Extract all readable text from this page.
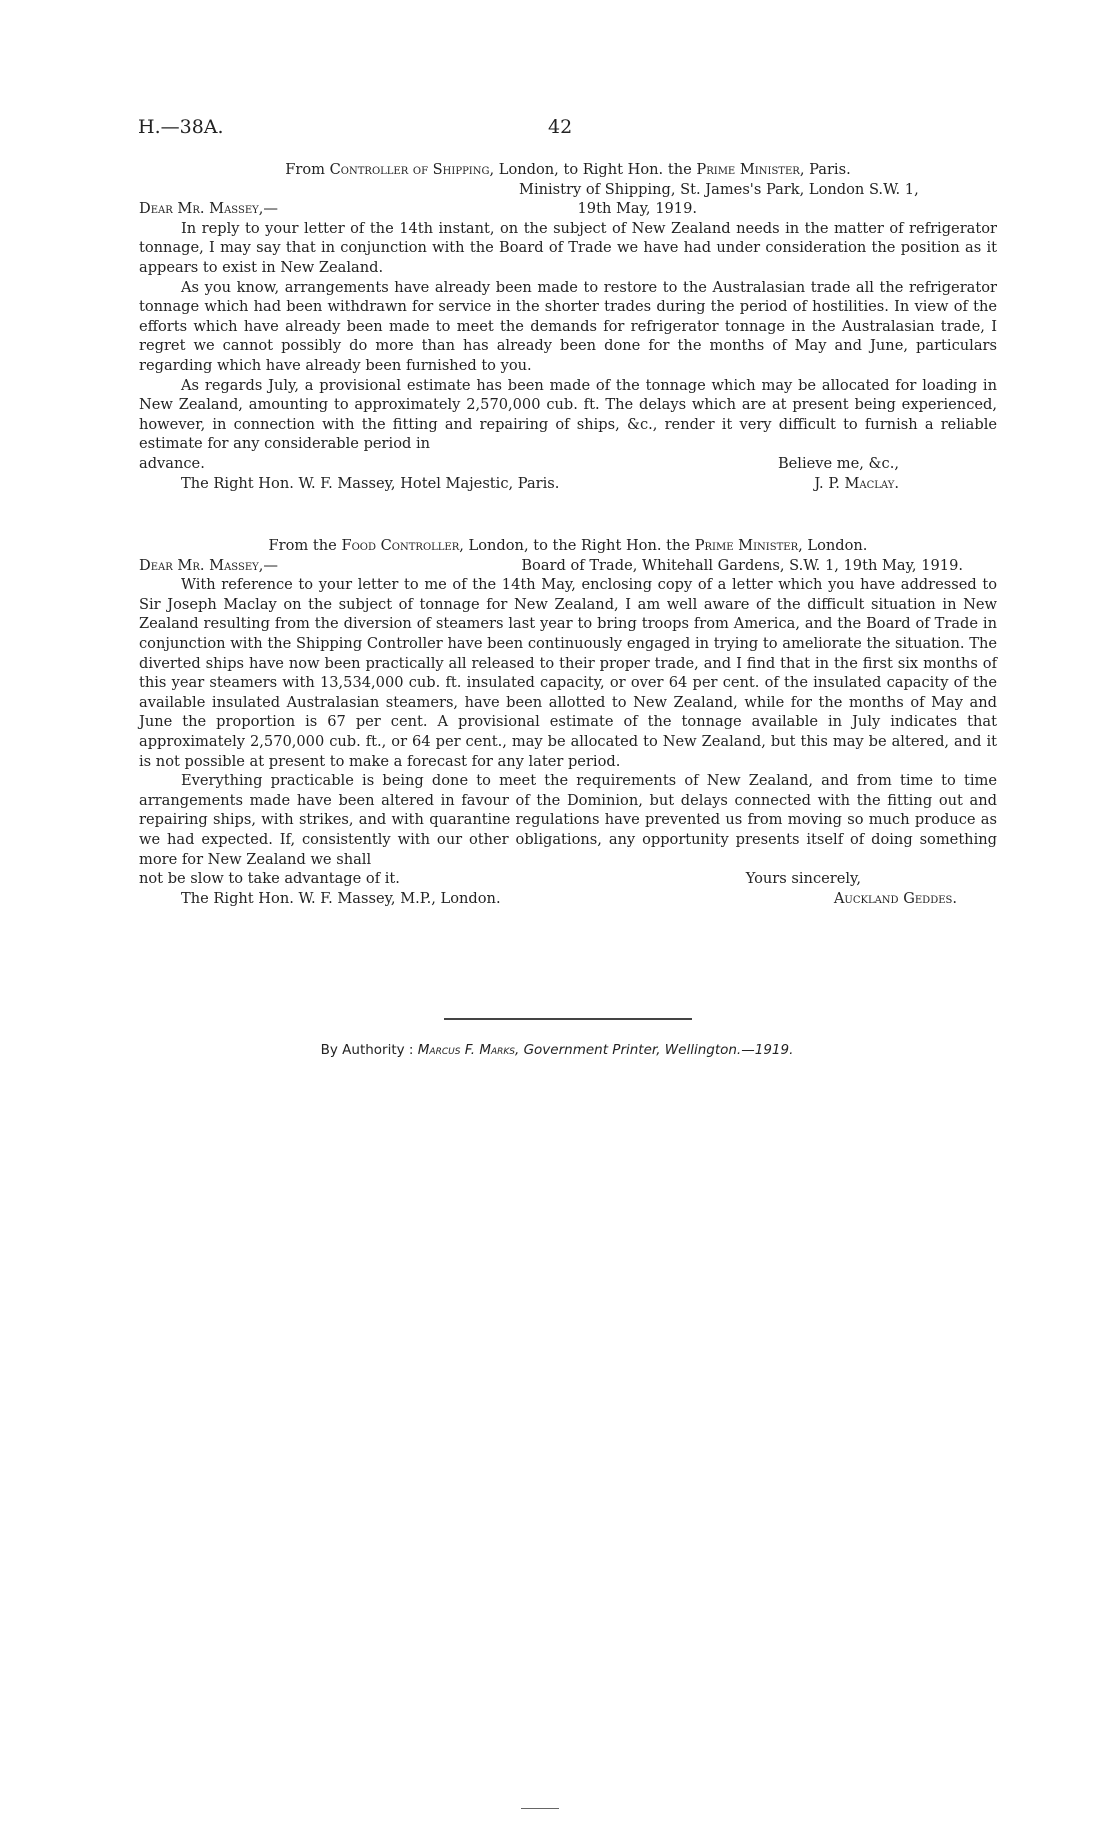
H.—38A.	42
From Controller of Shipping, London, to Right Hon. the Prime Minister, Paris.
Ministry of Shipping, St. James's Park, London S.W. 1,
Dear Mr. Massey,—	19th May, 1919.

In reply to your letter of the 14th instant, on the subject of New Zealand needs in the matter of refrigerator tonnage, I may say that in conjunction with the Board of Trade we have had under consideration the position as it appears to exist in New Zealand.

As you know, arrangements have already been made to restore to the Australasian trade all the refrigerator tonnage which had been withdrawn for service in the shorter trades during the period of hostilities. In view of the efforts which have already been made to meet the demands for refrigerator tonnage in the Australasian trade, I regret we cannot possibly do more than has already been done for the months of May and June, particulars regarding which have already been furnished to you.

As regards July, a provisional estimate has been made of the tonnage which may be allocated for loading in New Zealand, amounting to approximately 2,570,000 cub. ft. The delays which are at present being experienced, however, in connection with the fitting and repairing of ships, &c., render it very difficult to furnish a reliable estimate for any considerable period in

advance.	Believe me, &c.,
The Right Hon. W. F. Massey, Hotel Majestic, Paris.	J. P. Maclay.
From the Food Controller, London, to the Right Hon. the Prime Minister, London.
Dear Mr. Massey,—	Board of Trade, Whitehall Gardens, S.W. 1, 19th May, 1919.

With reference to your letter to me of the 14th May, enclosing copy of a letter which you have addressed to Sir Joseph Maclay on the subject of tonnage for New Zealand, I am well aware of the difficult situation in New Zealand resulting from the diversion of steamers last year to bring troops from America, and the Board of Trade in conjunction with the Shipping Controller have been continuously engaged in trying to ameliorate the situation. The diverted ships have now been practically all released to their proper trade, and I find that in the first six months of this year steamers with 13,534,000 cub. ft. insulated capacity, or over 64 per cent. of the insulated capacity of the available insulated Australasian steamers, have been allotted to New Zealand, while for the months of May and June the proportion is 67 per cent. A provisional estimate of the tonnage available in July indicates that approximately 2,570,000 cub. ft., or 64 per cent., may be allocated to New Zealand, but this may be altered, and it is not possible at present to make a forecast for any later period.

Everything practicable is being done to meet the requirements of New Zealand, and from time to time arrangements made have been altered in favour of the Dominion, but delays connected with the fitting out and repairing ships, with strikes, and with quarantine regulations have prevented us from moving so much produce as we had expected. If, consistently with our other obligations, any opportunity presents itself of doing something more for New Zealand we shall

not be slow to take advantage of it.	Yours sincerely,
The Right Hon. W. F. Massey, M.P., London.	Auckland Geddes.
By Authority : Marcus F. Marks, Government Printer, Wellington.—1919.
